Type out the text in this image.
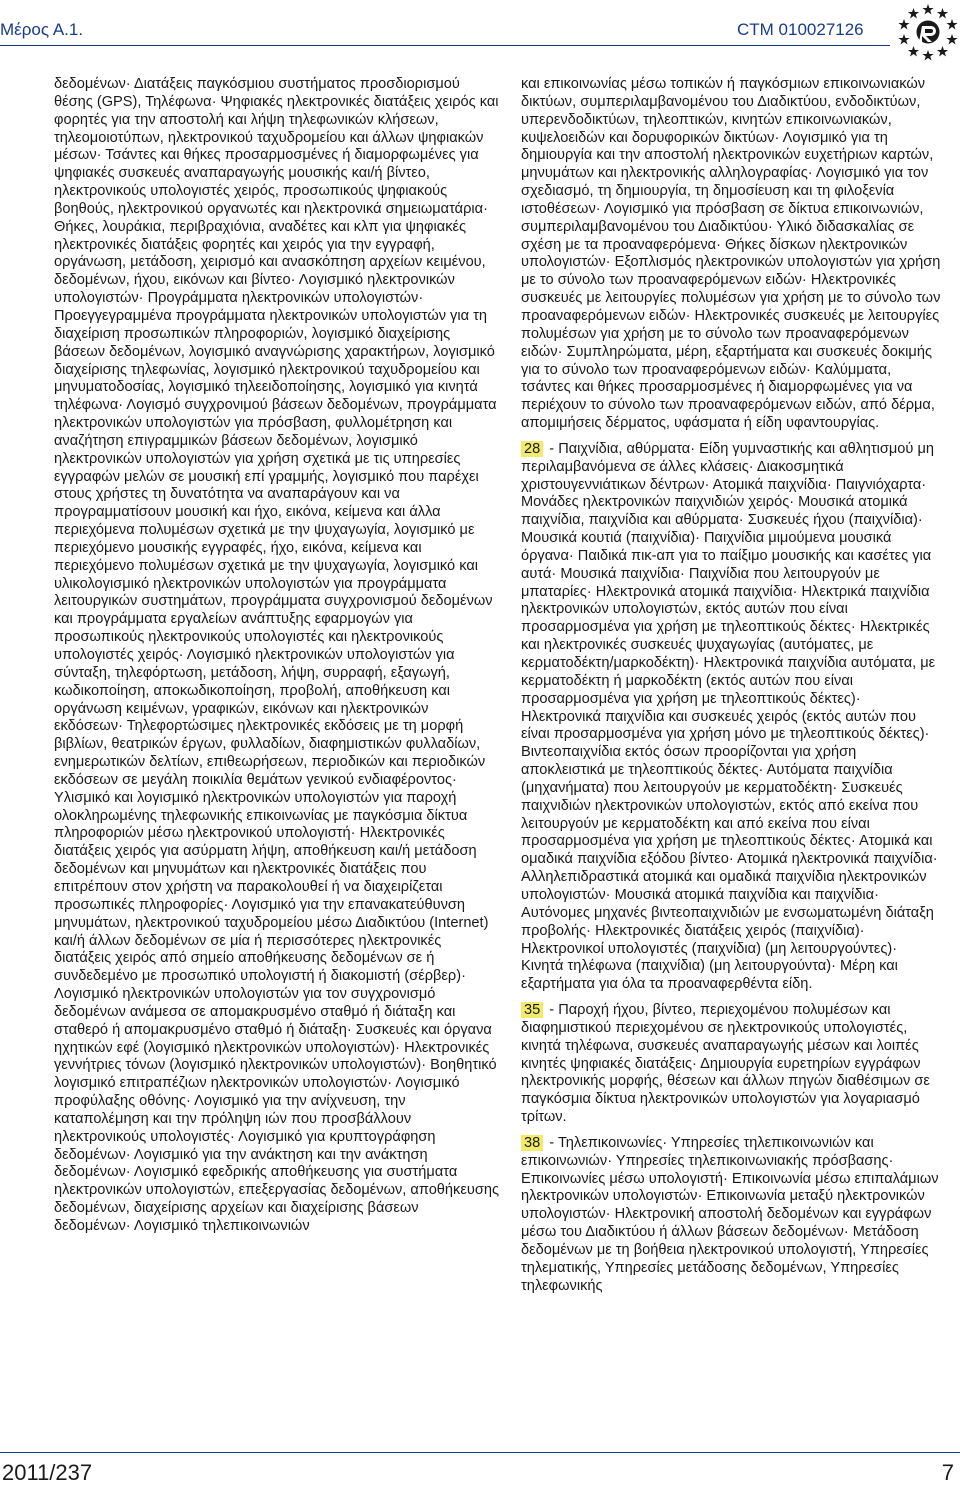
Μέρος Α.1.	CTM 010027126

δεδομένων· Διατάξεις παγκόσμιου συστήματος προσδιορισμού θέσης (GPS), Τηλέφωνα· Ψηφιακές ηλεκτρονικές διατάξεις χειρός και φορητές για την αποστολή και λήψη τηλεφωνικών κλήσεων, τηλεομοιοτύπων, ηλεκτρονικού ταχυδρομείου και άλλων ψηφιακών μέσων· Τσάντες και θήκες προσαρμοσμένες ή διαμορφωμένες για ψηφιακές συσκευές αναπαραγωγής μουσικής και/ή βίντεο, ηλεκτρονικούς υπολογιστές χειρός, προσωπικούς ψηφιακούς βοηθούς, ηλεκτρονικού οργανωτές και ηλεκτρονικά σημειωματάρια· Θήκες, λουράκια, περιβραχιόνια, αναδέτες και κλπ για ψηφιακές ηλεκτρονικές διατάξεις φορητές και χειρός για την εγγραφή, οργάνωση, μετάδοση, χειρισμό και ανασκόπηση αρχείων κειμένου, δεδομένων, ήχου, εικόνων και βίντεο· Λογισμικό ηλεκτρονικών υπολογιστών· Προγράμματα ηλεκτρονικών υπολογιστών· Προεγγεγραμμένα προγράμματα ηλεκτρονικών υπολογιστών για τη διαχείριση προσωπικών πληροφοριών, λογισμικό διαχείρισης βάσεων δεδομένων, λογισμικό αναγνώρισης χαρακτήρων, λογισμικό διαχείρισης τηλεφωνίας, λογισμικό ηλεκτρονικού ταχυδρομείου και μηνυματοδοσίας, λογισμικό τηλεειδοποίησης, λογισμικό για κινητά τηλέφωνα· Λογισμό συγχρονιμού βάσεων δεδομένων, προγράμματα ηλεκτρονικών υπολογιστών για πρόσβαση, φυλλομέτρηση και αναζήτηση επιγραμμικών βάσεων δεδομένων, λογισμικό ηλεκτρονικών υπολογιστών για χρήση σχετικά με τις υπηρεσίες εγγραφών μελών σε μουσική επί γραμμής, λογισμικό που παρέχει στους χρήστες τη δυνατότητα να αναπαράγουν και να προγραμματίσουν μουσική και ήχο, εικόνα, κείμενα και άλλα περιεχόμενα πολυμέσων σχετικά με την ψυχαγωγία, λογισμικό με περιεχόμενο μουσικής εγγραφές, ήχο, εικόνα, κείμενα και περιεχόμενο πολυμέσων σχετικά με την ψυχαγωγία, λογισμικό και υλικολογισμικό ηλεκτρονικών υπολογιστών για προγράμματα λειτουργικών συστημάτων, προγράμματα συγχρονισμού δεδομένων και προγράμματα εργαλείων ανάπτυξης εφαρμογών για προσωπικούς ηλεκτρονικούς υπολογιστές και ηλεκτρονικούς υπολογιστές χειρός· Λογισμικό ηλεκτρονικών υπολογιστών για σύνταξη, τηλεφόρτωση, μετάδοση, λήψη, συρραφή, εξαγωγή, κωδικοποίηση, αποκωδικοποίηση, προβολή, αποθήκευση και οργάνωση κειμένων, γραφικών, εικόνων και ηλεκτρονικών εκδόσεων· Τηλεφορτώσιμες ηλεκτρονικές εκδόσεις με τη μορφή βιβλίων, θεατρικών έργων, φυλλαδίων, διαφημιστικών φυλλαδίων, ενημερωτικών δελτίων, επιθεωρήσεων, περιοδικών και περιοδικών εκδόσεων σε μεγάλη ποικιλία θεμάτων γενικού ενδιαφέροντος· Υλισμικό και λογισμικό ηλεκτρονικών υπολογιστών για παροχή ολοκληρωμένης τηλεφωνικής επικοινωνίας με παγκόσμια δίκτυα πληροφοριών μέσω ηλεκτρονικού υπολογιστή· Ηλεκτρονικές διατάξεις χειρός για ασύρματη λήψη, αποθήκευση και/ή μετάδοση δεδομένων και μηνυμάτων και ηλεκτρονικές διατάξεις που επιτρέπουν στον χρήστη να παρακολουθεί ή να διαχειρίζεται προσωπικές πληροφορίες· Λογισμικό για την επανακατεύθυνση μηνυμάτων, ηλεκτρονικού ταχυδρομείου μέσω Διαδικτύου (Internet) και/ή άλλων δεδομένων σε μία ή περισσότερες ηλεκτρονικές διατάξεις χειρός από σημείο αποθήκευσης δεδομένων σε ή συνδεδεμένο με προσωπικό υπολογιστή ή διακομιστή (σέρβερ)· Λογισμικό ηλεκτρονικών υπολογιστών για τον συγχρονισμό δεδομένων ανάμεσα σε απομακρυσμένο σταθμό ή διάταξη και σταθερό ή απομακρυσμένο σταθμό ή διάταξη· Συσκευές και όργανα ηχητικών εφέ (λογισμικό ηλεκτρονικών υπολογιστών)· Ηλεκτρονικές γεννήτριες τόνων (λογισμικό ηλεκτρονικών υπολογιστών)· Βοηθητικό λογισμικό επιτραπέζιων ηλεκτρονικών υπολογιστών· Λογισμικό προφύλαξης οθόνης· Λογισμικό για την ανίχνευση, την καταπολέμηση και την πρόληψη ιών που προσβάλλουν ηλεκτρονικούς υπολογιστές· Λογισμικό για κρυπτογράφηση δεδομένων· Λογισμικό για την ανάκτηση και την ανάκτηση δεδομένων· Λογισμικό εφεδρικής αποθήκευσης για συστήματα ηλεκτρονικών υπολογιστών, επεξεργασίας δεδομένων, αποθήκευσης δεδομένων, διαχείρισης αρχείων και διαχείρισης βάσεων δεδομένων· Λογισμικό τηλεπικοινωνιών

και επικοινωνίας μέσω τοπικών ή παγκόσμιων επικοινωνιακών δικτύων, συμπεριλαμβανομένου του Διαδικτύου, ενδοδικτύων, υπερενδοδικτύων, τηλεοπτικών, κινητών επικοινωνιακών, κυψελοειδών και δορυφορικών δικτύων· Λογισμικό για τη δημιουργία και την αποστολή ηλεκτρονικών ευχετήριων καρτών, μηνυμάτων και ηλεκτρονικής αλληλογραφίας· Λογισμικό για τον σχεδιασμό, τη δημιουργία, τη δημοσίευση και τη φιλοξενία ιστοθέσεων· Λογισμικό για πρόσβαση σε δίκτυα επικοινωνιών, συμπεριλαμβανομένου του Διαδικτύου· Υλικό διδασκαλίας σε σχέση με τα προαναφερόμενα· Θήκες δίσκων ηλεκτρονικών υπολογιστών· Εξοπλισμός ηλεκτρονικών υπολογιστών για χρήση με το σύνολο των προαναφερόμενων ειδών· Ηλεκτρονικές συσκευές με λειτουργίες πολυμέσων για χρήση με το σύνολο των προαναφερόμενων ειδών· Ηλεκτρονικές συσκευές με λειτουργίες πολυμέσων για χρήση με το σύνολο των προαναφερόμενων ειδών· Συμπληρώματα, μέρη, εξαρτήματα και συσκευές δοκιμής για το σύνολο των προαναφερόμενων ειδών· Καλύμματα, τσάντες και θήκες προσαρμοσμένες ή διαμορφωμένες για να περιέχουν το σύνολο των προαναφερόμενων ειδών, από δέρμα, απομιμήσεις δέρματος, υφάσματα ή είδη υφαντουργίας.

28 - Παιχνίδια, αθύρματα· Είδη γυμναστικής και αθλητισμού μη περιλαμβανόμενα σε άλλες κλάσεις· Διακοσμητικά χριστουγεννιάτικων δέντρων· Ατομικά παιχνίδια· Παιγνιόχαρτα· Μονάδες ηλεκτρονικών παιχνιδιών χειρός· Μουσικά ατομικά παιχνίδια, παιχνίδια και αθύρματα· Συσκευές ήχου (παιχνίδια)· Μουσικά κουτιά (παιχνίδια)· Παιχνίδια μιμούμενα μουσικά όργανα· Παιδικά πικ-απ για το παίξιμο μουσικής και κασέτες για αυτά· Μουσικά παιχνίδια· Παιχνίδια που λειτουργούν με μπαταρίες· Ηλεκτρονικά ατομικά παιχνίδια· Ηλεκτρικά παιχνίδια ηλεκτρονικών υπολογιστών, εκτός αυτών που είναι προσαρμοσμένα για χρήση με τηλεοπτικούς δέκτες· Ηλεκτρικές και ηλεκτρονικές συσκευές ψυχαγωγίας (αυτόματες, με κερματοδέκτη/μαρκοδέκτη)· Ηλεκτρονικά παιχνίδια αυτόματα, με κερματοδέκτη ή μαρκοδέκτη (εκτός αυτών που είναι προσαρμοσμένα για χρήση με τηλεοπτικούς δέκτες)· Ηλεκτρονικά παιχνίδια και συσκευές χειρός (εκτός αυτών που είναι προσαρμοσμένα για χρήση μόνο με τηλεοπτικούς δέκτες)· Βιντεοπαιχνίδια εκτός όσων προορίζονται για χρήση αποκλειστικά με τηλεοπτικούς δέκτες· Αυτόματα παιχνίδια (μηχανήματα) που λειτουργούν με κερματοδέκτη· Συσκευές παιχνιδιών ηλεκτρονικών υπολογιστών, εκτός από εκείνα που λειτουργούν με κερματοδέκτη και από εκείνα που είναι προσαρμοσμένα για χρήση με τηλεοπτικούς δέκτες· Ατομικά και ομαδικά παιχνίδια εξόδου βίντεο· Ατομικά ηλεκτρονικά παιχνίδια· Αλληλεπιδραστικά ατομικά και ομαδικά παιχνίδια ηλεκτρονικών υπολογιστών· Μουσικά ατομικά παιχνίδια και παιχνίδια· Αυτόνομες μηχανές βιντεοπαιχνιδιών με ενσωματωμένη διάταξη προβολής· Ηλεκτρονικές διατάξεις χειρός (παιχνίδια)· Ηλεκτρονικοί υπολογιστές (παιχνίδια) (μη λειτουργούντες)· Κινητά τηλέφωνα (παιχνίδια) (μη λειτουργούντα)· Μέρη και εξαρτήματα για όλα τα προαναφερθέντα είδη.

35 - Παροχή ήχου, βίντεο, περιεχομένου πολυμέσων και διαφημιστικού περιεχομένου σε ηλεκτρονικούς υπολογιστές, κινητά τηλέφωνα, συσκευές αναπαραγωγής μέσων και λοιπές κινητές ψηφιακές διατάξεις· Δημιουργία ευρετηρίων εγγράφων ηλεκτρονικής μορφής, θέσεων και άλλων πηγών διαθέσιμων σε παγκόσμια δίκτυα ηλεκτρονικών υπολογιστών για λογαριασμό τρίτων.

38 - Τηλεπικοινωνίες· Υπηρεσίες τηλεπικοινωνιών και επικοινωνιών· Υπηρεσίες τηλεπικοινωνιακής πρόσβασης· Επικοινωνίες μέσω υπολογιστή· Επικοινωνία μέσω επιπαλάμιων ηλεκτρονικών υπολογιστών· Επικοινωνία μεταξύ ηλεκτρονικών υπολογιστών· Ηλεκτρονική αποστολή δεδομένων και εγγράφων μέσω του Διαδικτύου ή άλλων βάσεων δεδομένων· Μετάδοση δεδομένων με τη βοήθεια ηλεκτρονικού υπολογιστή, Υπηρεσίες τηλεματικής, Υπηρεσίες μετάδοσης δεδομένων, Υπηρεσίες τηλεφωνικής

2011/237	7
